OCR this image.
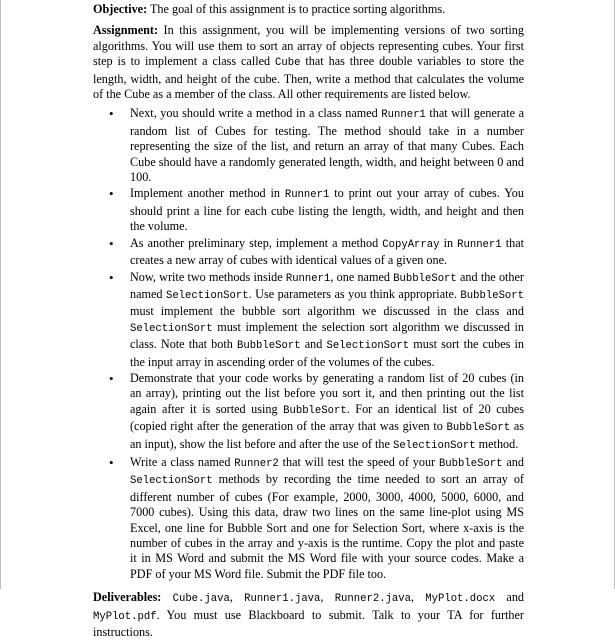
Objective: The goal of this assignment is to practice sorting algorithms.

Assignment: In this assignment, you will be implementing versions of two sorting algorithms. You will use them to sort an array of objects representing cubes. Your first step is to implement a class called Cube that has three double variables to store the length, width, and height of the cube. Then, write a method that calculates the volume of the Cube as a member of the class. All other requirements are listed below.

• Next, you should write a method in a class named Runner1 that will generate a random list of Cubes for testing. The method should take in a number representing the size of the list, and return an array of that many Cubes. Each Cube should have a randomly generated length, width, and height between 0 and 100.
• Implement another method in Runner1 to print out your array of cubes. You should print a line for each cube listing the length, width, and height and then the volume.
• As another preliminary step, implement a method CopyArray in Runner1 that creates a new array of cubes with identical values of a given one.
• Now, write two methods inside Runner1, one named BubbleSort and the other named SelectionSort. Use parameters as you think appropriate. BubbleSort must implement the bubble sort algorithm we discussed in the class and SelectionSort must implement the selection sort algorithm we discussed in class. Note that both BubbleSort and SelectionSort must sort the cubes in the input array in ascending order of the volumes of the cubes.
• Demonstrate that your code works by generating a random list of 20 cubes (in an array), printing out the list before you sort it, and then printing out the list again after it is sorted using BubbleSort. For an identical list of 20 cubes (copied right after the generation of the array that was given to BubbleSort as an input), show the list before and after the use of the SelectionSort method.
• Write a class named Runner2 that will test the speed of your BubbleSort and SelectionSort methods by recording the time needed to sort an array of different number of cubes (For example, 2000, 3000, 4000, 5000, 6000, and 7000 cubes). Using this data, draw two lines on the same line-plot using MS Excel, one line for Bubble Sort and one for Selection Sort, where x-axis is the number of cubes in the array and y-axis is the runtime. Copy the plot and paste it in MS Word and submit the MS Word file with your source codes. Make a PDF of your MS Word file. Submit the PDF file too.

Deliverables: Cube.java, Runner1.java, Runner2.java, MyPlot.docx and MyPlot.pdf. You must use Blackboard to submit. Talk to your TA for further instructions.
